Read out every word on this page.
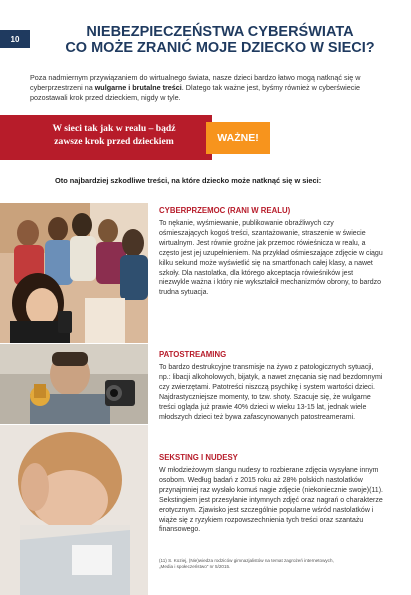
10	NIEBEZPIECZEŃSTWA CYBERŚWIATA
CO MOŻE ZRANIĆ MOJE DZIECKO W SIECI?
Poza nadmiernym przywiązaniem do wirtualnego świata, nasze dzieci bardzo łatwo mogą natknąć się w cyberprzestrzeni na wulgarne i brutalne treści. Dlatego tak ważne jest, byśmy również w cyberświecie pozostawali krok przed dzieckiem, nigdy w tyle.
W sieci tak jak w realu – bądź
zawsze krok przed dzieckiem	WAŻNE!
Oto najbardziej szkodliwe treści, na które dziecko może natknąć się w sieci:
CYBERPRZEMOC (RANI W REALU)
To nękanie, wyśmiewanie, publikowanie obraźliwych czy ośmieszających kogoś treści, szantażowanie, straszenie w świecie wirtualnym. Jest równie groźne jak przemoc rówieśnicza w realu, a często jest jej uzupełnieniem. Na przykład ośmieszające zdjęcie w ciągu kilku sekund może wyświetlić się na smartfonach całej klasy, a nawet szkoły. Dla nastolatka, dla którego akceptacja rówieśników jest niezwykle ważna i który nie wykształcił mechanizmów obrony, to bardzo trudna sytuacja.
PATOSTREAMING
To bardzo destrukcyjne transmisje na żywo z patologicznych sytuacji, np.: libacji alkoholowych, bijatyk, a nawet znęcania się nad bezdomnymi czy zwierzętami. Patotreści niszczą psychikę i system wartości dzieci. Najdrastyczniejsze momenty, to tzw. shoty. Szacuje się, że wulgarne treści ogląda już prawie 40% dzieci w wieku 13-15 lat, jednak wiele młodszych dzieci też bywa zafascynowanych patostreamerami.
SEKSTING I NUDESY
W młodzieżowym slangu nudesy to rozbierane zdjęcia wysyłane innym osobom. Według badań z 2015 roku aż 28% polskich nastolatków przynajmniej raz wysłało komuś nagie zdjęcie (niekoniecznie swoje)(11). Sekstingiem jest przesyłanie intymnych zdjęć oraz nagrań o charakterze erotycznym. Zjawisko jest szczególnie popularne wśród nastolatków i wiąże się z ryzykiem rozpowszechnienia tych treści oraz szantażu finansowego.
(11) S. Koziej, (Nie)wiedza rodziców gimnazjalistów na temat zagrożeń internetowych,
„Media i społeczeństwo" nr 5/2015.
